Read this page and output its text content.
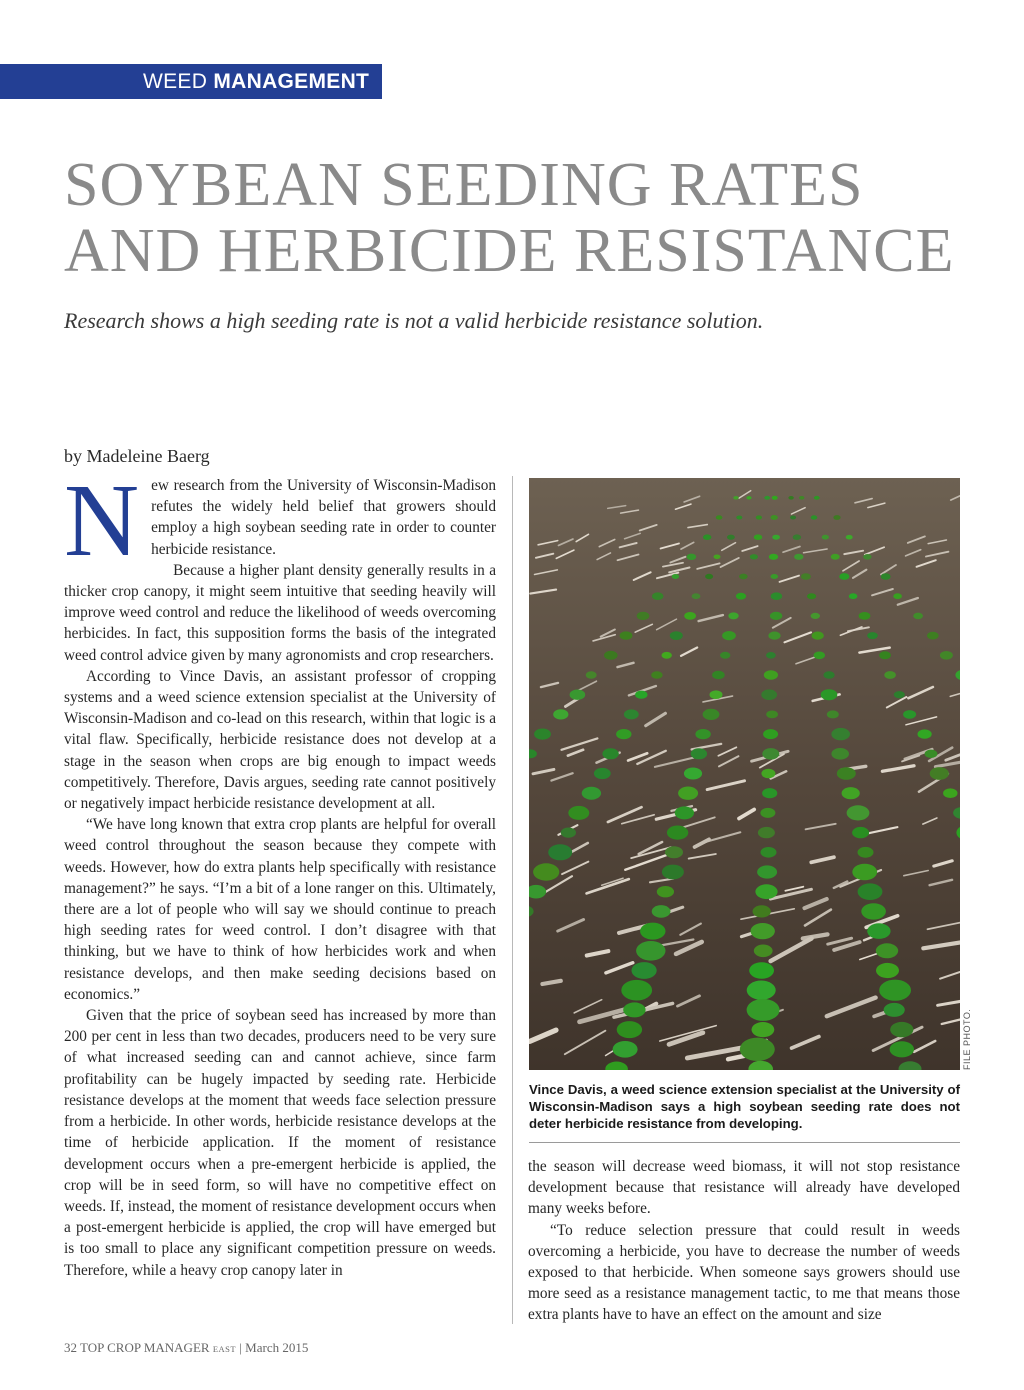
WEED MANAGEMENT
SOYBEAN SEEDING RATES
AND HERBICIDE RESISTANCE
Research shows a high seeding rate is not a valid herbicide resistance solution.
by Madeleine Baerg
N ew research from the University of Wisconsin-Madison refutes the widely held belief that growers should employ a high soybean seeding rate in order to counter herbicide resistance.

Because a higher plant density generally results in a thicker crop canopy, it might seem intuitive that seeding heavily will improve weed control and reduce the likelihood of weeds overcoming herbicides. In fact, this supposition forms the basis of the integrated weed control advice given by many agronomists and crop researchers.

According to Vince Davis, an assistant professor of cropping systems and a weed science extension specialist at the University of Wisconsin-Madison and co-lead on this research, within that logic is a vital flaw. Specifically, herbicide resistance does not develop at a stage in the season when crops are big enough to impact weeds competitively. Therefore, Davis argues, seeding rate cannot positively or negatively impact herbicide resistance development at all.

“We have long known that extra crop plants are helpful for overall weed control throughout the season because they compete with weeds. However, how do extra plants help specifically with resistance management?” he says. “I’m a bit of a lone ranger on this. Ultimately, there are a lot of people who will say we should continue to preach high seeding rates for weed control. I don’t disagree with that thinking, but we have to think of how herbicides work and when resistance develops, and then make seeding decisions based on economics.”

Given that the price of soybean seed has increased by more than 200 per cent in less than two decades, producers need to be very sure of what increased seeding can and cannot achieve, since farm profitability can be hugely impacted by seeding rate. Herbicide resistance develops at the moment that weeds face selection pressure from a herbicide. In other words, herbicide resistance develops at the time of herbicide application. If the moment of resistance development occurs when a pre-emergent herbicide is applied, the crop will be in seed form, so will have no competitive effect on weeds. If, instead, the moment of resistance development occurs when a post-emergent herbicide is applied, the crop will have emerged but is too small to place any significant competition pressure on weeds. Therefore, while a heavy crop canopy later in

FILE PHOTO.
Vince Davis, a weed science extension specialist at the University of Wisconsin-Madison says a high soybean seeding rate does not deter herbicide resistance from developing.

the season will decrease weed biomass, it will not stop resistance development because that resistance will already have developed many weeks before.

“To reduce selection pressure that could result in weeds overcoming a herbicide, you have to decrease the number of weeds exposed to that herbicide. When someone says growers should use more seed as a resistance management tactic, to me that means those extra plants have to have an effect on the amount and size

32 TOP CROP MANAGER EAST | March 2015
